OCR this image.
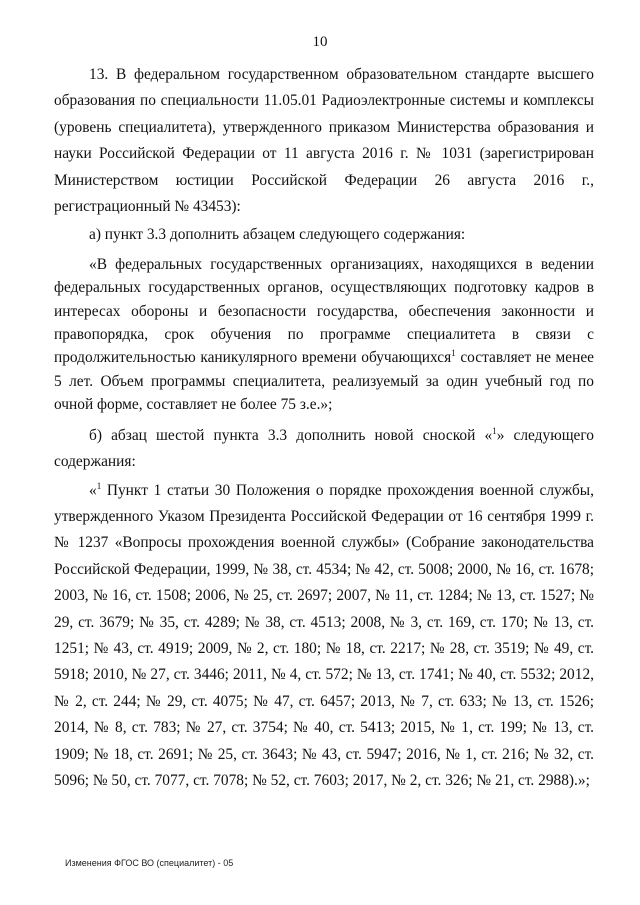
10

13. В федеральном государственном образовательном стандарте высшего образования по специальности 11.05.01 Радиоэлектронные системы и комплексы (уровень специалитета), утвержденного приказом Министерства образования и науки Российской Федерации от 11 августа 2016 г. № 1031 (зарегистрирован Министерством юстиции Российской Федерации 26 августа 2016 г., регистрационный № 43453):

а) пункт 3.3 дополнить абзацем следующего содержания:

«В федеральных государственных организациях, находящихся в ведении федеральных государственных органов, осуществляющих подготовку кадров в интересах обороны и безопасности государства, обеспечения законности и правопорядка, срок обучения по программе специалитета в связи с продолжительностью каникулярного времени обучающихся$^1$ составляет не менее 5 лет. Объем программы специалитета, реализуемый за один учебный год по очной форме, составляет не более 75 з.е.»;

б) абзац шестой пункта 3.3 дополнить новой сноской «$^1$» следующего содержания:

«$^1$ Пункт 1 статьи 30 Положения о порядке прохождения военной службы, утвержденного Указом Президента Российской Федерации от 16 сентября 1999 г. № 1237 «Вопросы прохождения военной службы» (Собрание законодательства Российской Федерации, 1999, № 38, ст. 4534; № 42, ст. 5008; 2000, № 16, ст. 1678; 2003, № 16, ст. 1508; 2006, № 25, ст. 2697; 2007, № 11, ст. 1284; № 13, ст. 1527; № 29, ст. 3679; № 35, ст. 4289; № 38, ст. 4513; 2008, № 3, ст. 169, ст. 170; № 13, ст. 1251; № 43, ст. 4919; 2009, № 2, ст. 180; № 18, ст. 2217; № 28, ст. 3519; № 49, ст. 5918; 2010, № 27, ст. 3446; 2011, № 4, ст. 572; № 13, ст. 1741; № 40, ст. 5532; 2012, № 2, ст. 244; № 29, ст. 4075; № 47, ст. 6457; 2013, № 7, ст. 633; № 13, ст. 1526; 2014, № 8, ст. 783; № 27, ст. 3754; № 40, ст. 5413; 2015, № 1, ст. 199; № 13, ст. 1909; № 18, ст. 2691; № 25, ст. 3643; № 43, ст. 5947; 2016, № 1, ст. 216; № 32, ст. 5096; № 50, ст. 7077, ст. 7078; № 52, ст. 7603; 2017, № 2, ст. 326; № 21, ст. 2988).»;

Изменения ФГОС ВО (специалитет) - 05
